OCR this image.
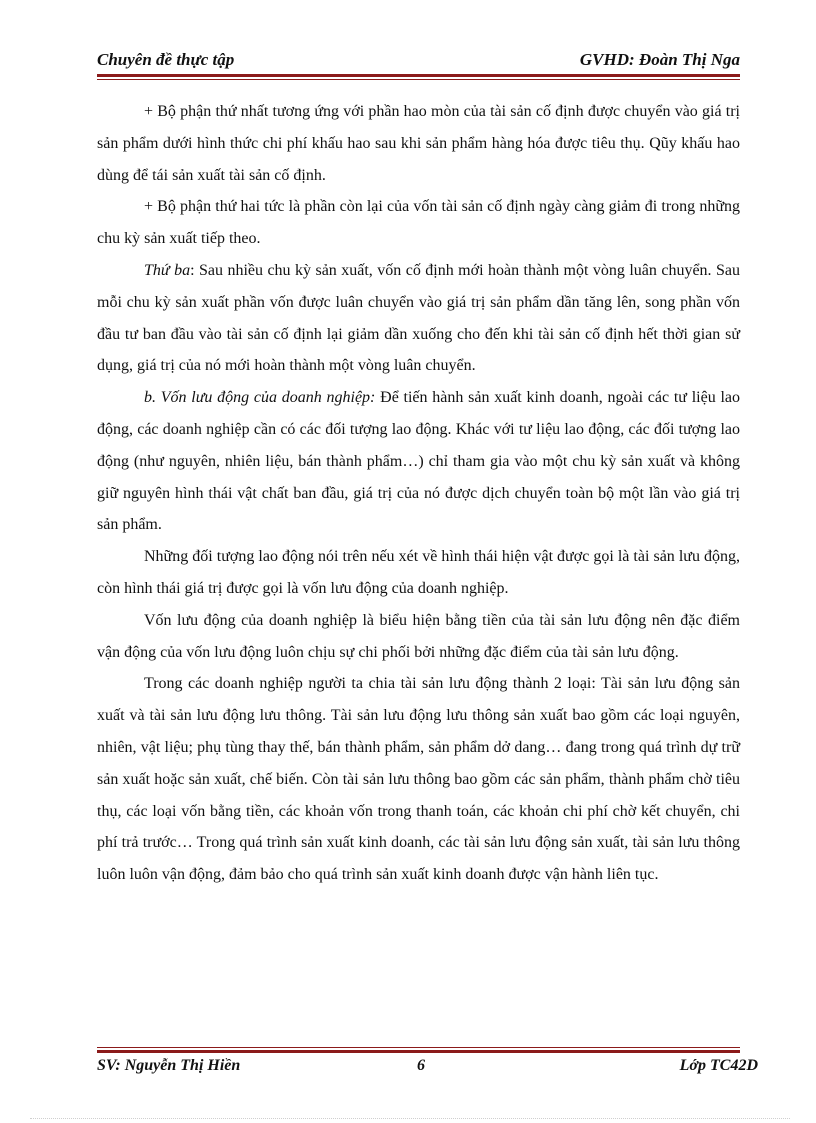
Chuyên đề thực tập	GVHD: Đoàn Thị Nga

+ Bộ phận thứ nhất tương ứng với phần hao mòn của tài sản cố định được chuyển vào giá trị sản phẩm dưới hình thức chi phí khấu hao sau khi sản phẩm hàng hóa được tiêu thụ. Qũy khấu hao dùng để tái sản xuất tài sản cố định.

+ Bộ phận thứ hai tức là phần còn lại của vốn tài sản cố định ngày càng giảm đi trong những chu kỳ sản xuất tiếp theo.

Thứ ba: Sau nhiều chu kỳ sản xuất, vốn cố định mới hoàn thành một vòng luân chuyển. Sau mỗi chu kỳ sản xuất phần vốn được luân chuyển vào giá trị sản phẩm dần tăng lên, song phần vốn đầu tư ban đầu vào tài sản cố định lại giảm dần xuống cho đến khi tài sản cố định hết thời gian sử dụng, giá trị của nó mới hoàn thành một vòng luân chuyển.

b. Vốn lưu động của doanh nghiệp: Để tiến hành sản xuất kinh doanh, ngoài các tư liệu lao động, các doanh nghiệp cần có các đối tượng lao động. Khác với tư liệu lao động, các đối tượng lao động (như nguyên, nhiên liệu, bán thành phẩm…) chỉ tham gia vào một chu kỳ sản xuất và không giữ nguyên hình thái vật chất ban đầu, giá trị của nó được dịch chuyển toàn bộ một lần vào giá trị sản phẩm.

Những đối tượng lao động nói trên nếu xét về hình thái hiện vật được gọi là tài sản lưu động, còn hình thái giá trị được gọi là vốn lưu động của doanh nghiệp.

Vốn lưu động của doanh nghiệp là biểu hiện bằng tiền của tài sản lưu động nên đặc điểm vận động của vốn lưu động luôn chịu sự chi phối bởi những đặc điểm của tài sản lưu động.

Trong các doanh nghiệp người ta chia tài sản lưu động thành 2 loại: Tài sản lưu động sản xuất và tài sản lưu động lưu thông. Tài sản lưu động lưu thông sản xuất bao gồm các loại nguyên, nhiên, vật liệu; phụ tùng thay thế, bán thành phẩm, sản phẩm dở dang… đang trong quá trình dự trữ sản xuất hoặc sản xuất, chế biến. Còn tài sản lưu thông bao gồm các sản phẩm, thành phẩm chờ tiêu thụ, các loại vốn bằng tiền, các khoản vốn trong thanh toán, các khoản chi phí chờ kết chuyển, chi phí trả trước… Trong quá trình sản xuất kinh doanh, các tài sản lưu động sản xuất, tài sản lưu thông luôn luôn vận động, đảm bảo cho quá trình sản xuất kinh doanh được vận hành liên tục.

SV: Nguyễn Thị Hiền	6	Lớp TC42D
